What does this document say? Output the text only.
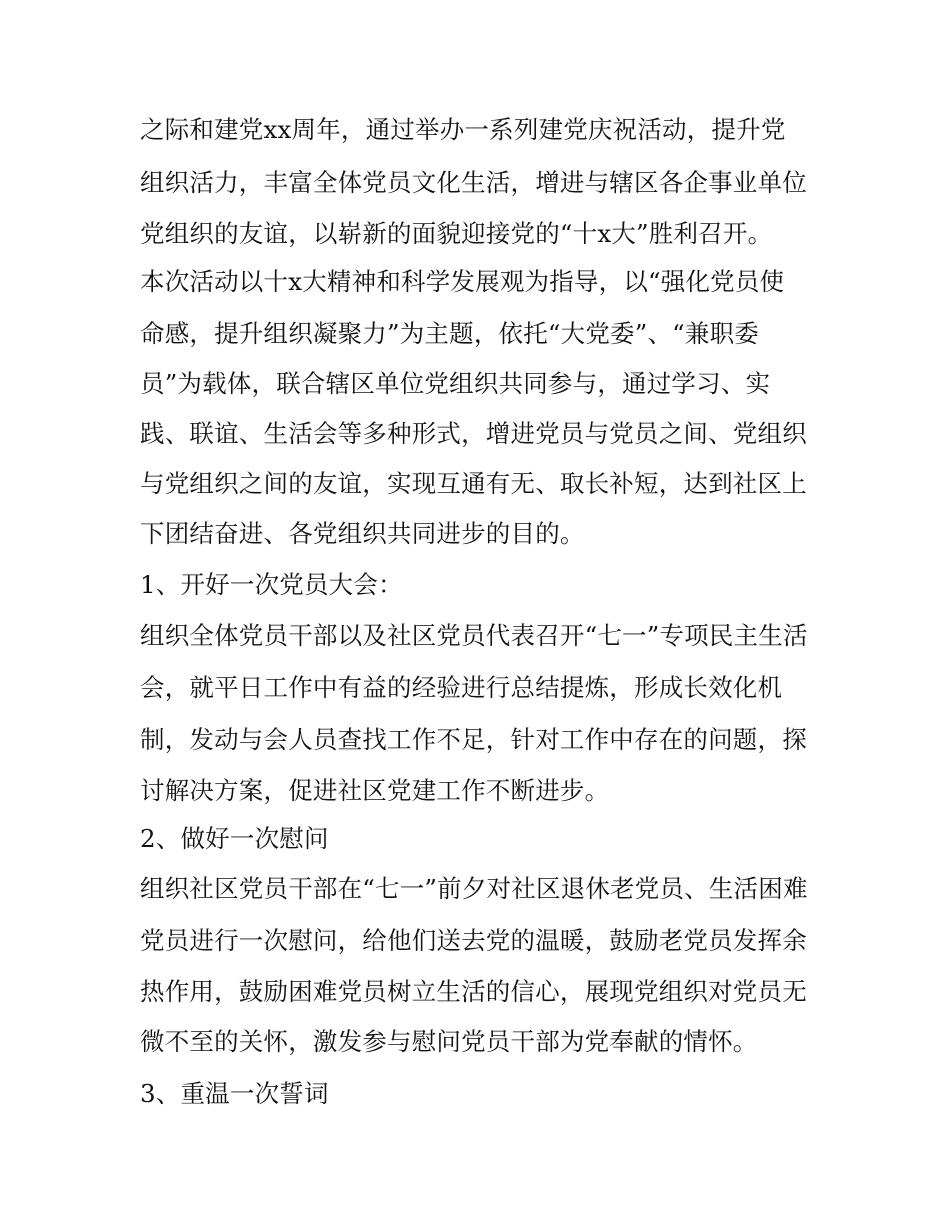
之际和建党xx周年，通过举办一系列建党庆祝活动，提升党
组织活力，丰富全体党员文化生活，增进与辖区各企事业单位
党组织的友谊，以崭新的面貌迎接党的“十x大”胜利召开。
本次活动以十x大精神和科学发展观为指导，以“强化党员使
命感，提升组织凝聚力”为主题，依托“大党委”、“兼职委
员”为载体，联合辖区单位党组织共同参与，通过学习、实
践、联谊、生活会等多种形式，增进党员与党员之间、党组织
与党组织之间的友谊，实现互通有无、取长补短，达到社区上
下团结奋进、各党组织共同进步的目的。
1、开好一次党员大会：
组织全体党员干部以及社区党员代表召开“七一”专项民主生活
会，就平日工作中有益的经验进行总结提炼，形成长效化机
制，发动与会人员查找工作不足，针对工作中存在的问题，探
讨解决方案，促进社区党建工作不断进步。
2、做好一次慰问
组织社区党员干部在“七一”前夕对社区退休老党员、生活困难
党员进行一次慰问，给他们送去党的温暖，鼓励老党员发挥余
热作用，鼓励困难党员树立生活的信心，展现党组织对党员无
微不至的关怀，激发参与慰问党员干部为党奉献的情怀。
3、重温一次誓词
